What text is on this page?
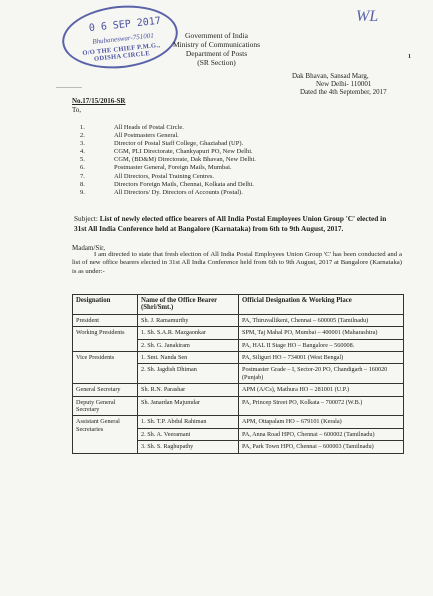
0 6 SEP 2017
Bhubaneswar-751001
O/O THE CHIEF P.M.G., ODISHA CIRCLE
WL
1
Government of India
Ministry of Communications
Department of Posts
(SR Section)
Dak Bhavan, Sansad Marg,
New Delhi- 110001
Dated the 4th September, 2017
No.17/15/2016-SR
To,
1.	All Heads of Postal Circle.
2.	All Postmasters General.
3.	Director of Postal Staff College, Ghaziabad (UP).
4.	CGM, PLI Directorate, Chankyapuri PO, New Delhi.
5.	CGM, (BD&M) Directorate, Dak Bhavan, New Delhi.
6.	Postmaster General, Foreign Mails, Mumbai.
7.	All Directors, Postal Training Centres.
8.	Directors Foreign Mails, Chennai, Kolkata and Delhi.
9.	All Directors/ Dy. Directors of Accounts (Postal).
Subject: List of newly elected office bearers of All India Postal Employees Union Group 'C' elected in 31st All India Conference held at Bangalore (Karnataka) from 6th to 9th August, 2017.
Madam/Sir,
I am directed to state that fresh election of All India Postal Employees Union Group 'C' has been conducted and a list of new office bearers elected in 31st All India Conference held from 6th to 9th August, 2017 at Bangalore (Karnataka) is as under:-
Designation	Name of the Office Bearer (Shri/Smt.)	Official Designation & Working Place
President	Sh. J. Ramamurthy	PA, Thiruvallikeni, Chennai – 600005 (Tamilnadu)
Working Presidents	1. Sh. S.A.R. Mazgaonkar	SPM, Taj Mahal PO, Mumbai – 400001 (Maharashtra)
	2. Sh. G. Janakiram	PA, HAL II Stage HO – Bangalore – 560008.
Vice Presidents	1. Smt. Nanda Sen	PA, Siliguri HO – 734001 (West Bengal)
	2. Sh. Jagdish Dhiman	Postmaster Grade – I, Sector-20 PO, Chandigarh – 160020 (Punjab)
General Secretary	Sh. R.N. Parashar	APM (A/Cs), Mathura HO – 281001 (U.P.)
Deputy General Secretary	Sh. Janardan Majumdar	PA, Princep Street PO, Kolkata – 700072 (W.B.)
Assistant General Secretaries	1. Sh. T.P. Abdul Rahiman	APM, Ottapalam HO – 679101 (Kerala)
	2. Sh. A. Veeramani	PA, Anna Road HPO, Chennai – 600002 (Tamilnadu)
	3. Sh. S. Raghupathy	PA, Park Town HPO, Chennai – 600003 (Tamilnadu)
